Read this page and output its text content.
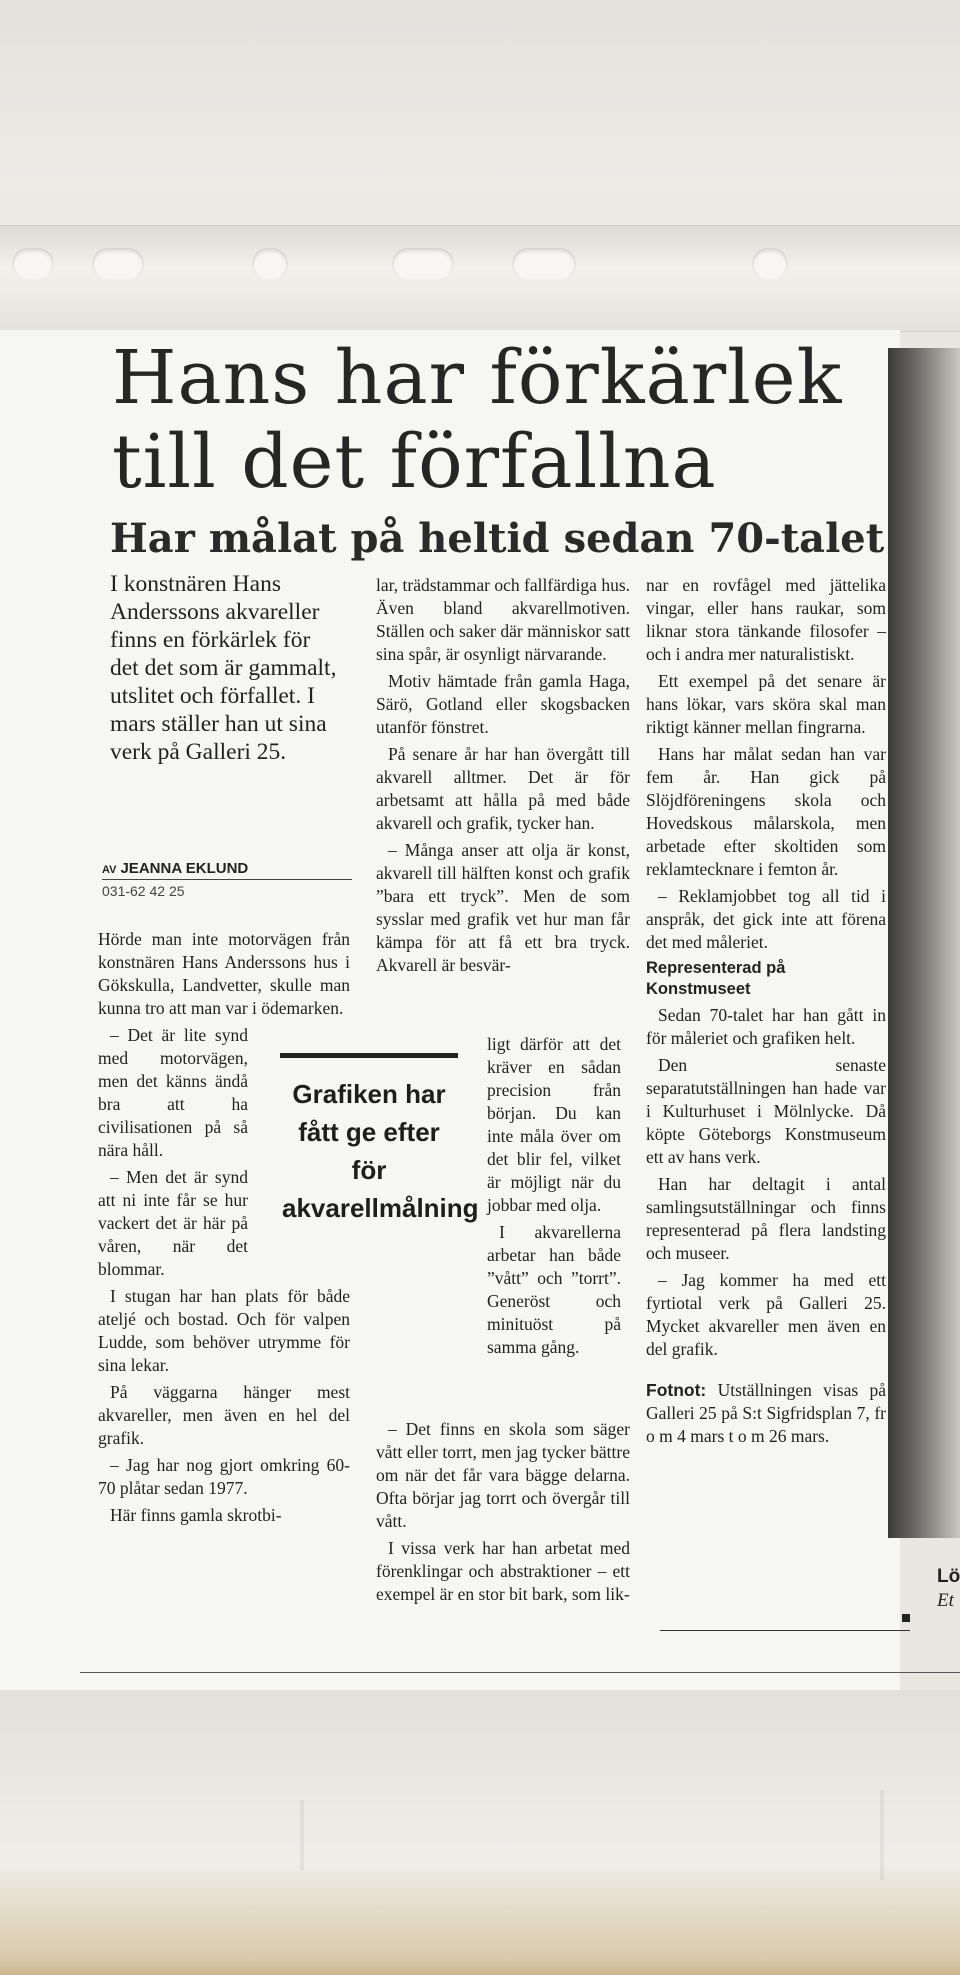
Hans har förkärlek
till det förfallna
Har målat på heltid sedan 70-talet
I konstnären Hans Anderssons akvareller finns en förkärlek för det det som är gammalt, utslitet och förfallet. I mars ställer han ut sina verk på Galleri 25.
AV JEANNA EKLUND
031-62 42 25

Hörde man inte motorvägen från konstnären Hans Anderssons hus i Gökskulla, Landvetter, skulle man kunna tro att man var i ödemarken.

– Det är lite synd med motorvägen, men det känns ändå bra att ha civilisationen på så nära håll.

– Men det är synd att ni inte får se hur vackert det är här på våren, när det blommar.

I stugan har han plats för både ateljé och bostad. Och för valpen Ludde, som behöver utrymme för sina lekar.

På väggarna hänger mest akvareller, men även en hel del grafik.

– Jag har nog gjort omkring 60-70 plåtar sedan 1977.

Här finns gamla skrotbi-

lar, trädstammar och fallfärdiga hus. Även bland akvarellmotiven. Ställen och saker där människor satt sina spår, är osynligt närvarande.

Motiv hämtade från gamla Haga, Särö, Gotland eller skogsbacken utanför fönstret.

På senare år har han övergått till akvarell alltmer. Det är för arbetsamt att hålla på med både akvarell och grafik, tycker han.

– Många anser att olja är konst, akvarell till hälften konst och grafik ”bara ett tryck”. Men de som sysslar med grafik vet hur man får kämpa för att få ett bra tryck. Akvarell är besvär-

Grafiken har fått ge efter för akvarellmålning

ligt därför att det kräver en sådan precision från början. Du kan inte måla över om det blir fel, vilket är möjligt när du jobbar med olja.

I akvarellerna arbetar han både ”vått” och ”torrt”. Generöst och minituöst på samma gång.

– Det finns en skola som säger vått eller torrt, men jag tycker bättre om när det får vara bägge delarna. Ofta börjar jag torrt och övergår till vått.

I vissa verk har han arbetat med förenklingar och abstraktioner – ett exempel är en stor bit bark, som lik-

nar en rovfågel med jättelika vingar, eller hans raukar, som liknar stora tänkande filosofer – och i andra mer naturalistiskt.

Ett exempel på det senare är hans lökar, vars sköra skal man riktigt känner mellan fingrarna.

Hans har målat sedan han var fem år. Han gick på Slöjdföreningens skola och Hovedskous målarskola, men arbetade efter skoltiden som reklamtecknare i femton år.

– Reklamjobbet tog all tid i anspråk, det gick inte att förena det med måleriet.

Representerad på Konstmuseet

Sedan 70-talet har han gått in för måleriet och grafiken helt.

Den senaste separatutställningen han hade var i Kulturhuset i Mölnlycke. Då köpte Göteborgs Konstmuseum ett av hans verk.

Han har deltagit i antal samlingsutställningar och finns representerad på flera landsting och museer.

– Jag kommer ha med ett fyrtiotal verk på Galleri 25. Mycket akvareller men även en del grafik.

Fotnot: Utställningen visas på Galleri 25 på S:t Sigfridsplan 7, fr o m 4 mars t o m 26 mars.

Lö
Et
